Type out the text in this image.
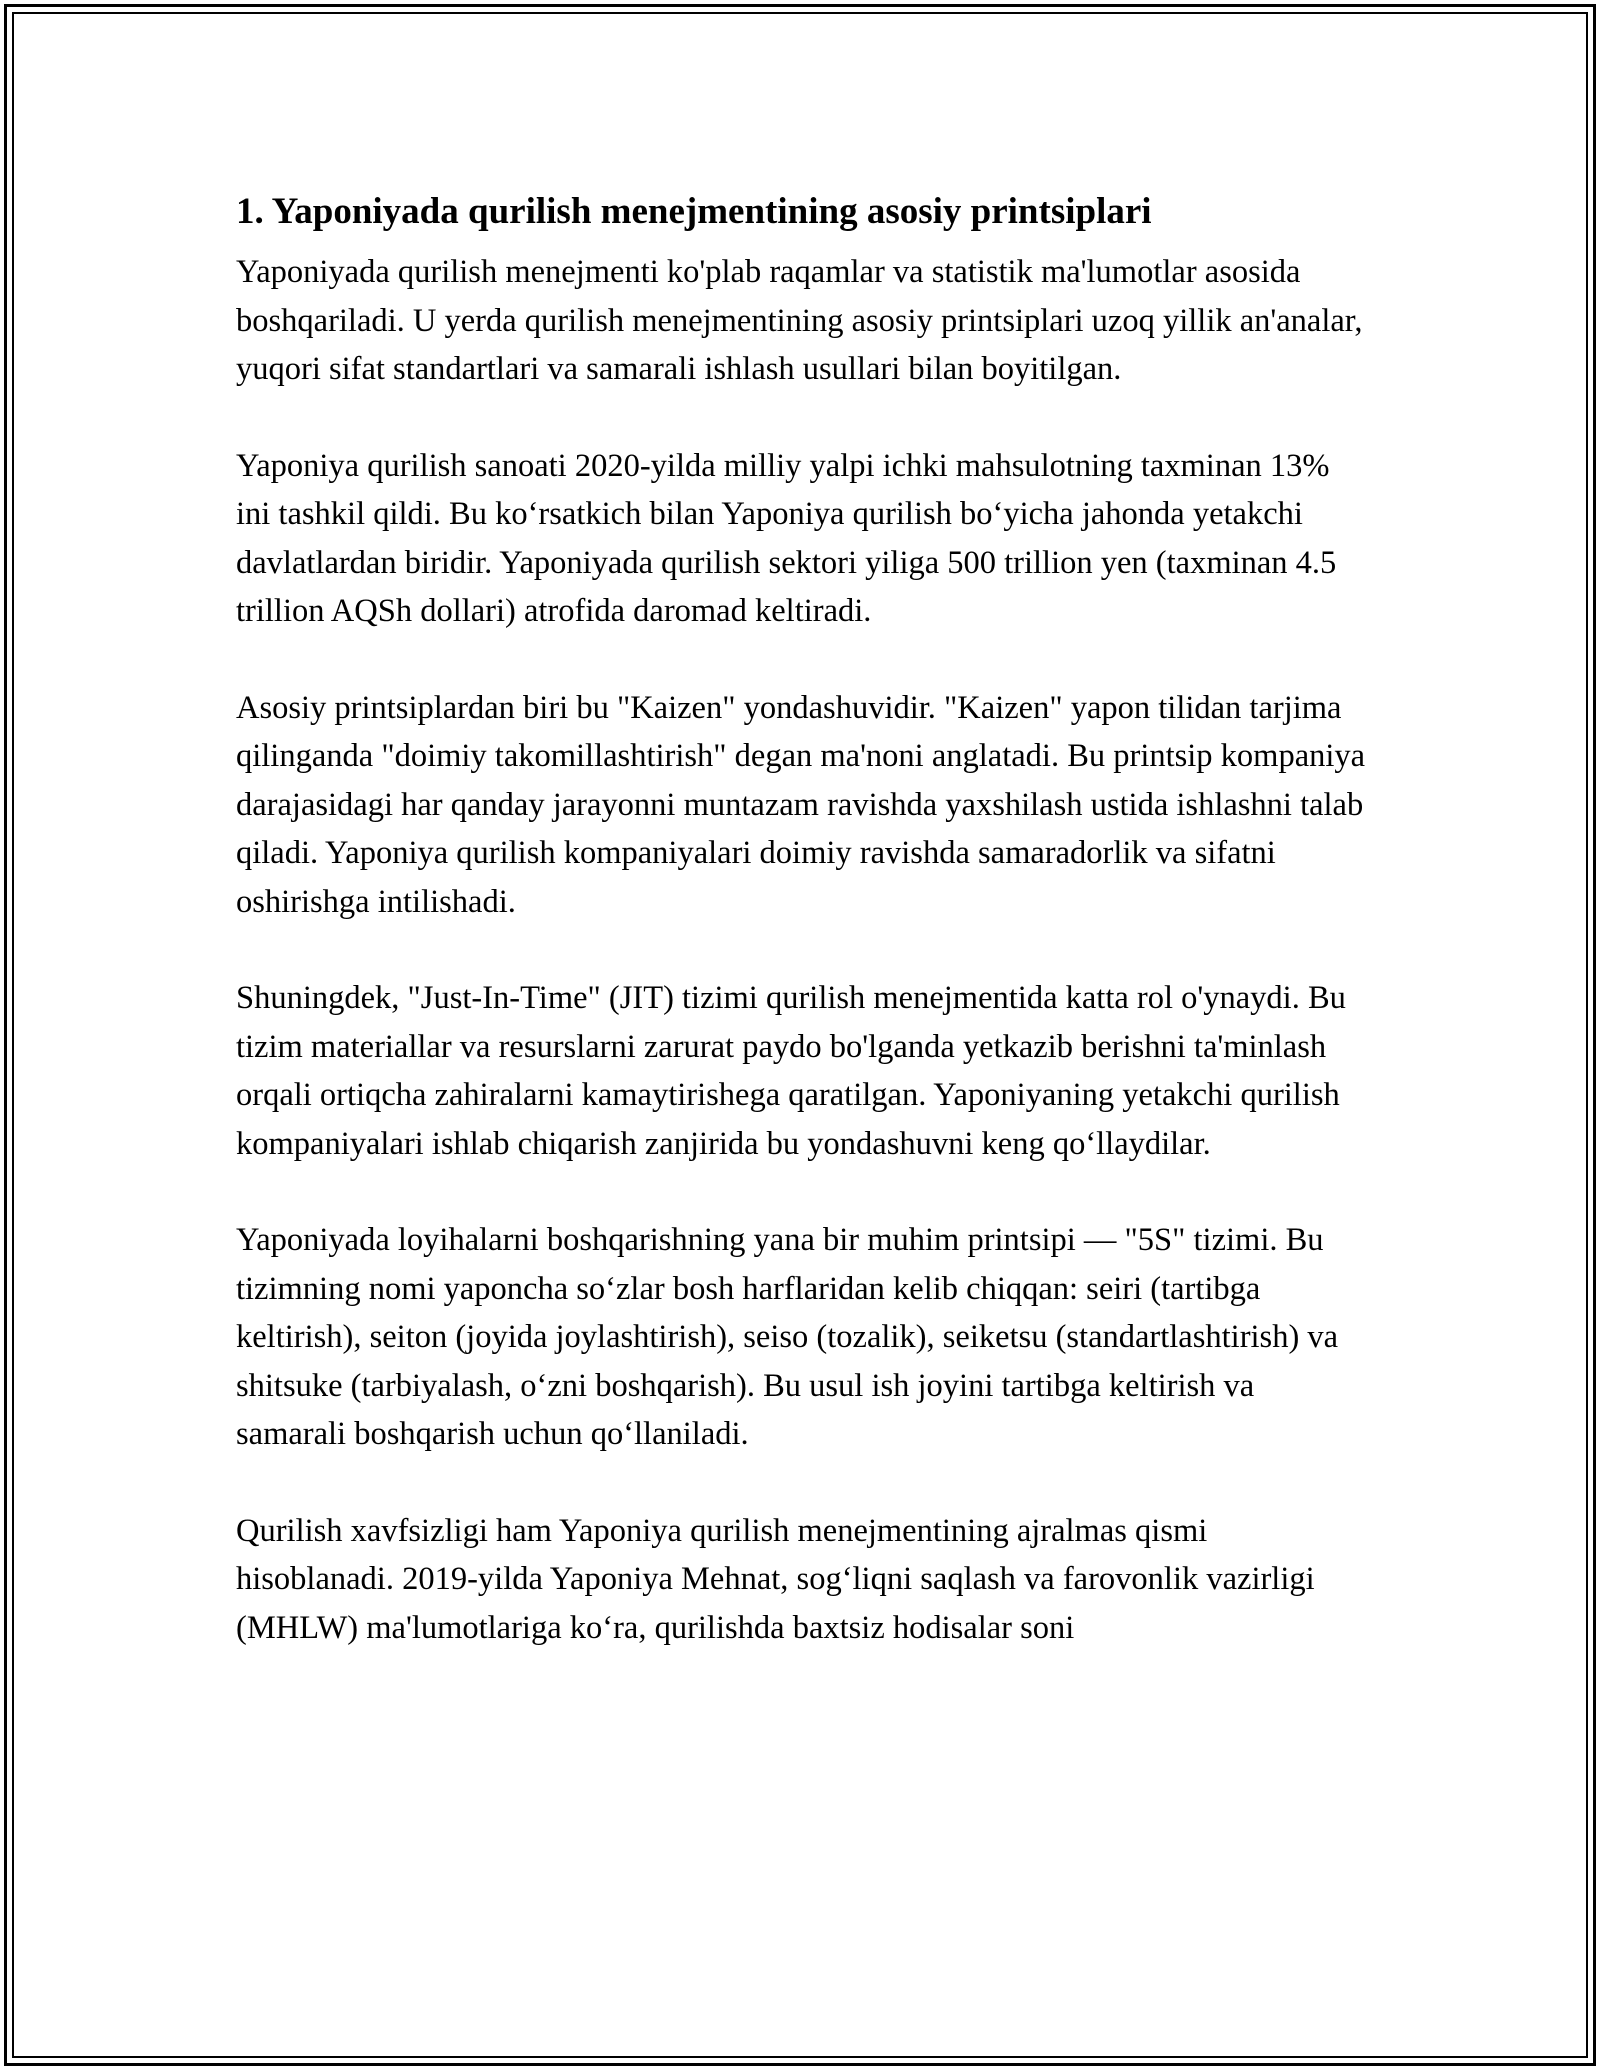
1. Yaponiyada qurilish menejmentining asosiy printsiplari

Yaponiyada qurilish menejmenti ko'plab raqamlar va statistik ma'lumotlar asosida boshqariladi. U yerda qurilish menejmentining asosiy printsiplari uzoq yillik an'analar, yuqori sifat standartlari va samarali ishlash usullari bilan boyitilgan.

Yaponiya qurilish sanoati 2020-yilda milliy yalpi ichki mahsulotning taxminan 13% ini tashkil qildi. Bu koʻrsatkich bilan Yaponiya qurilish boʻyicha jahonda yetakchi davlatlardan biridir. Yaponiyada qurilish sektori yiliga 500 trillion yen (taxminan 4.5 trillion AQSh dollari) atrofida daromad keltiradi.

Asosiy printsiplardan biri bu "Kaizen" yondashuvidir. "Kaizen" yapon tilidan tarjima qilinganda "doimiy takomillashtirish" degan ma'noni anglatadi. Bu printsip kompaniya darajasidagi har qanday jarayonni muntazam ravishda yaxshilash ustida ishlashni talab qiladi. Yaponiya qurilish kompaniyalari doimiy ravishda samaradorlik va sifatni oshirishga intilishadi.

Shuningdek, "Just-In-Time" (JIT) tizimi qurilish menejmentida katta rol o'ynaydi. Bu tizim materiallar va resurslarni zarurat paydo bo'lganda yetkazib berishni ta'minlash orqali ortiqcha zahiralarni kamaytirishega qaratilgan. Yaponiyaning yetakchi qurilish kompaniyalari ishlab chiqarish zanjirida bu yondashuvni keng qoʻllaydilar.

Yaponiyada loyihalarni boshqarishning yana bir muhim printsipi — "5S" tizimi. Bu tizimning nomi yaponcha soʻzlar bosh harflaridan kelib chiqqan: seiri (tartibga keltirish), seiton (joyida joylashtirish), seiso (tozalik), seiketsu (standartlashtirish) va shitsuke (tarbiyalash, oʻzni boshqarish). Bu usul ish joyini tartibga keltirish va samarali boshqarish uchun qoʻllaniladi.

Qurilish xavfsizligi ham Yaponiya qurilish menejmentining ajralmas qismi hisoblanadi. 2019-yilda Yaponiya Mehnat, sogʻliqni saqlash va farovonlik vazirligi (MHLW) ma'lumotlariga koʻra, qurilishda baxtsiz hodisalar soni
